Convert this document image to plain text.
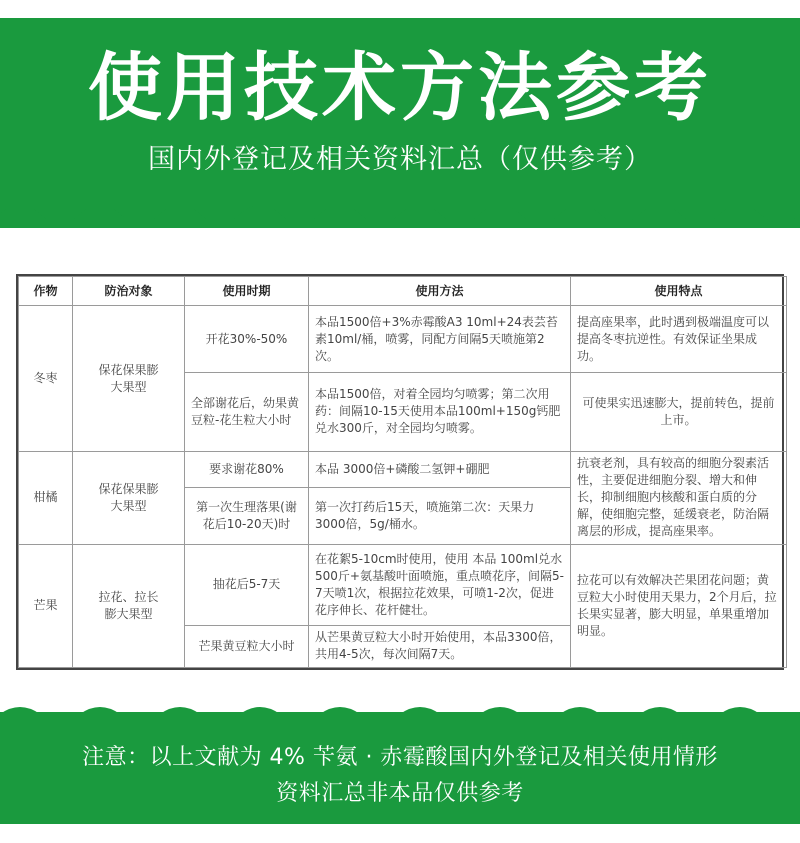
使用技术方法参考
国内外登记及相关资料汇总（仅供参考）
作物	防治对象	使用时期	使用方法	使用特点
冬枣	保花保果膨大果型	开花30%-50%	本品1500倍+3%赤霉酸A3 10ml+24表芸苔素10ml/桶，喷雾，同配方间隔5天喷施第2次。	提高座果率，此时遇到极端温度可以提高冬枣抗逆性。有效保证坐果成功。
		全部谢花后，幼果黄豆粒-花生粒大小时	本品1500倍，对着全园均匀喷雾；第二次用药：间隔10-15天使用本品100ml+150g钙肥兑水300斤，对全园均匀喷雾。	可使果实迅速膨大，提前转色，提前上市。
柑橘	保花保果膨大果型	要求谢花80%	本品 3000倍+磷酸二氢钾+硼肥	抗衰老剂，具有较高的细胞分裂素活性，主要促进细胞分裂、增大和伸长，抑制细胞内核酸和蛋白质的分解，使细胞完整，延缓衰老，防治隔离层的形成，提高座果率。
		第一次生理落果(谢花后10-20天)时	第一次打药后15天，喷施第二次：天果力3000倍，5g/桶水。	
芒果	拉花、拉长膨大果型	抽花后5-7天	在花絮5-10cm时使用，使用 本品 100ml兑水500斤+氨基酸叶面喷施，重点喷花序，间隔5-7天喷1次，根据拉花效果，可喷1-2次，促进花序伸长、花杆健壮。	拉花可以有效解决芒果团花问题；黄豆粒大小时使用天果力，2个月后，拉长果实显著，膨大明显，单果重增加明显。
		芒果黄豆粒大小时	从芒果黄豆粒大小时开始使用，本品3300倍，共用4-5次，每次间隔7天。	
注意：以上文献为 4% 苄氨 · 赤霉酸国内外登记及相关使用情形
资料汇总非本品仅供参考
